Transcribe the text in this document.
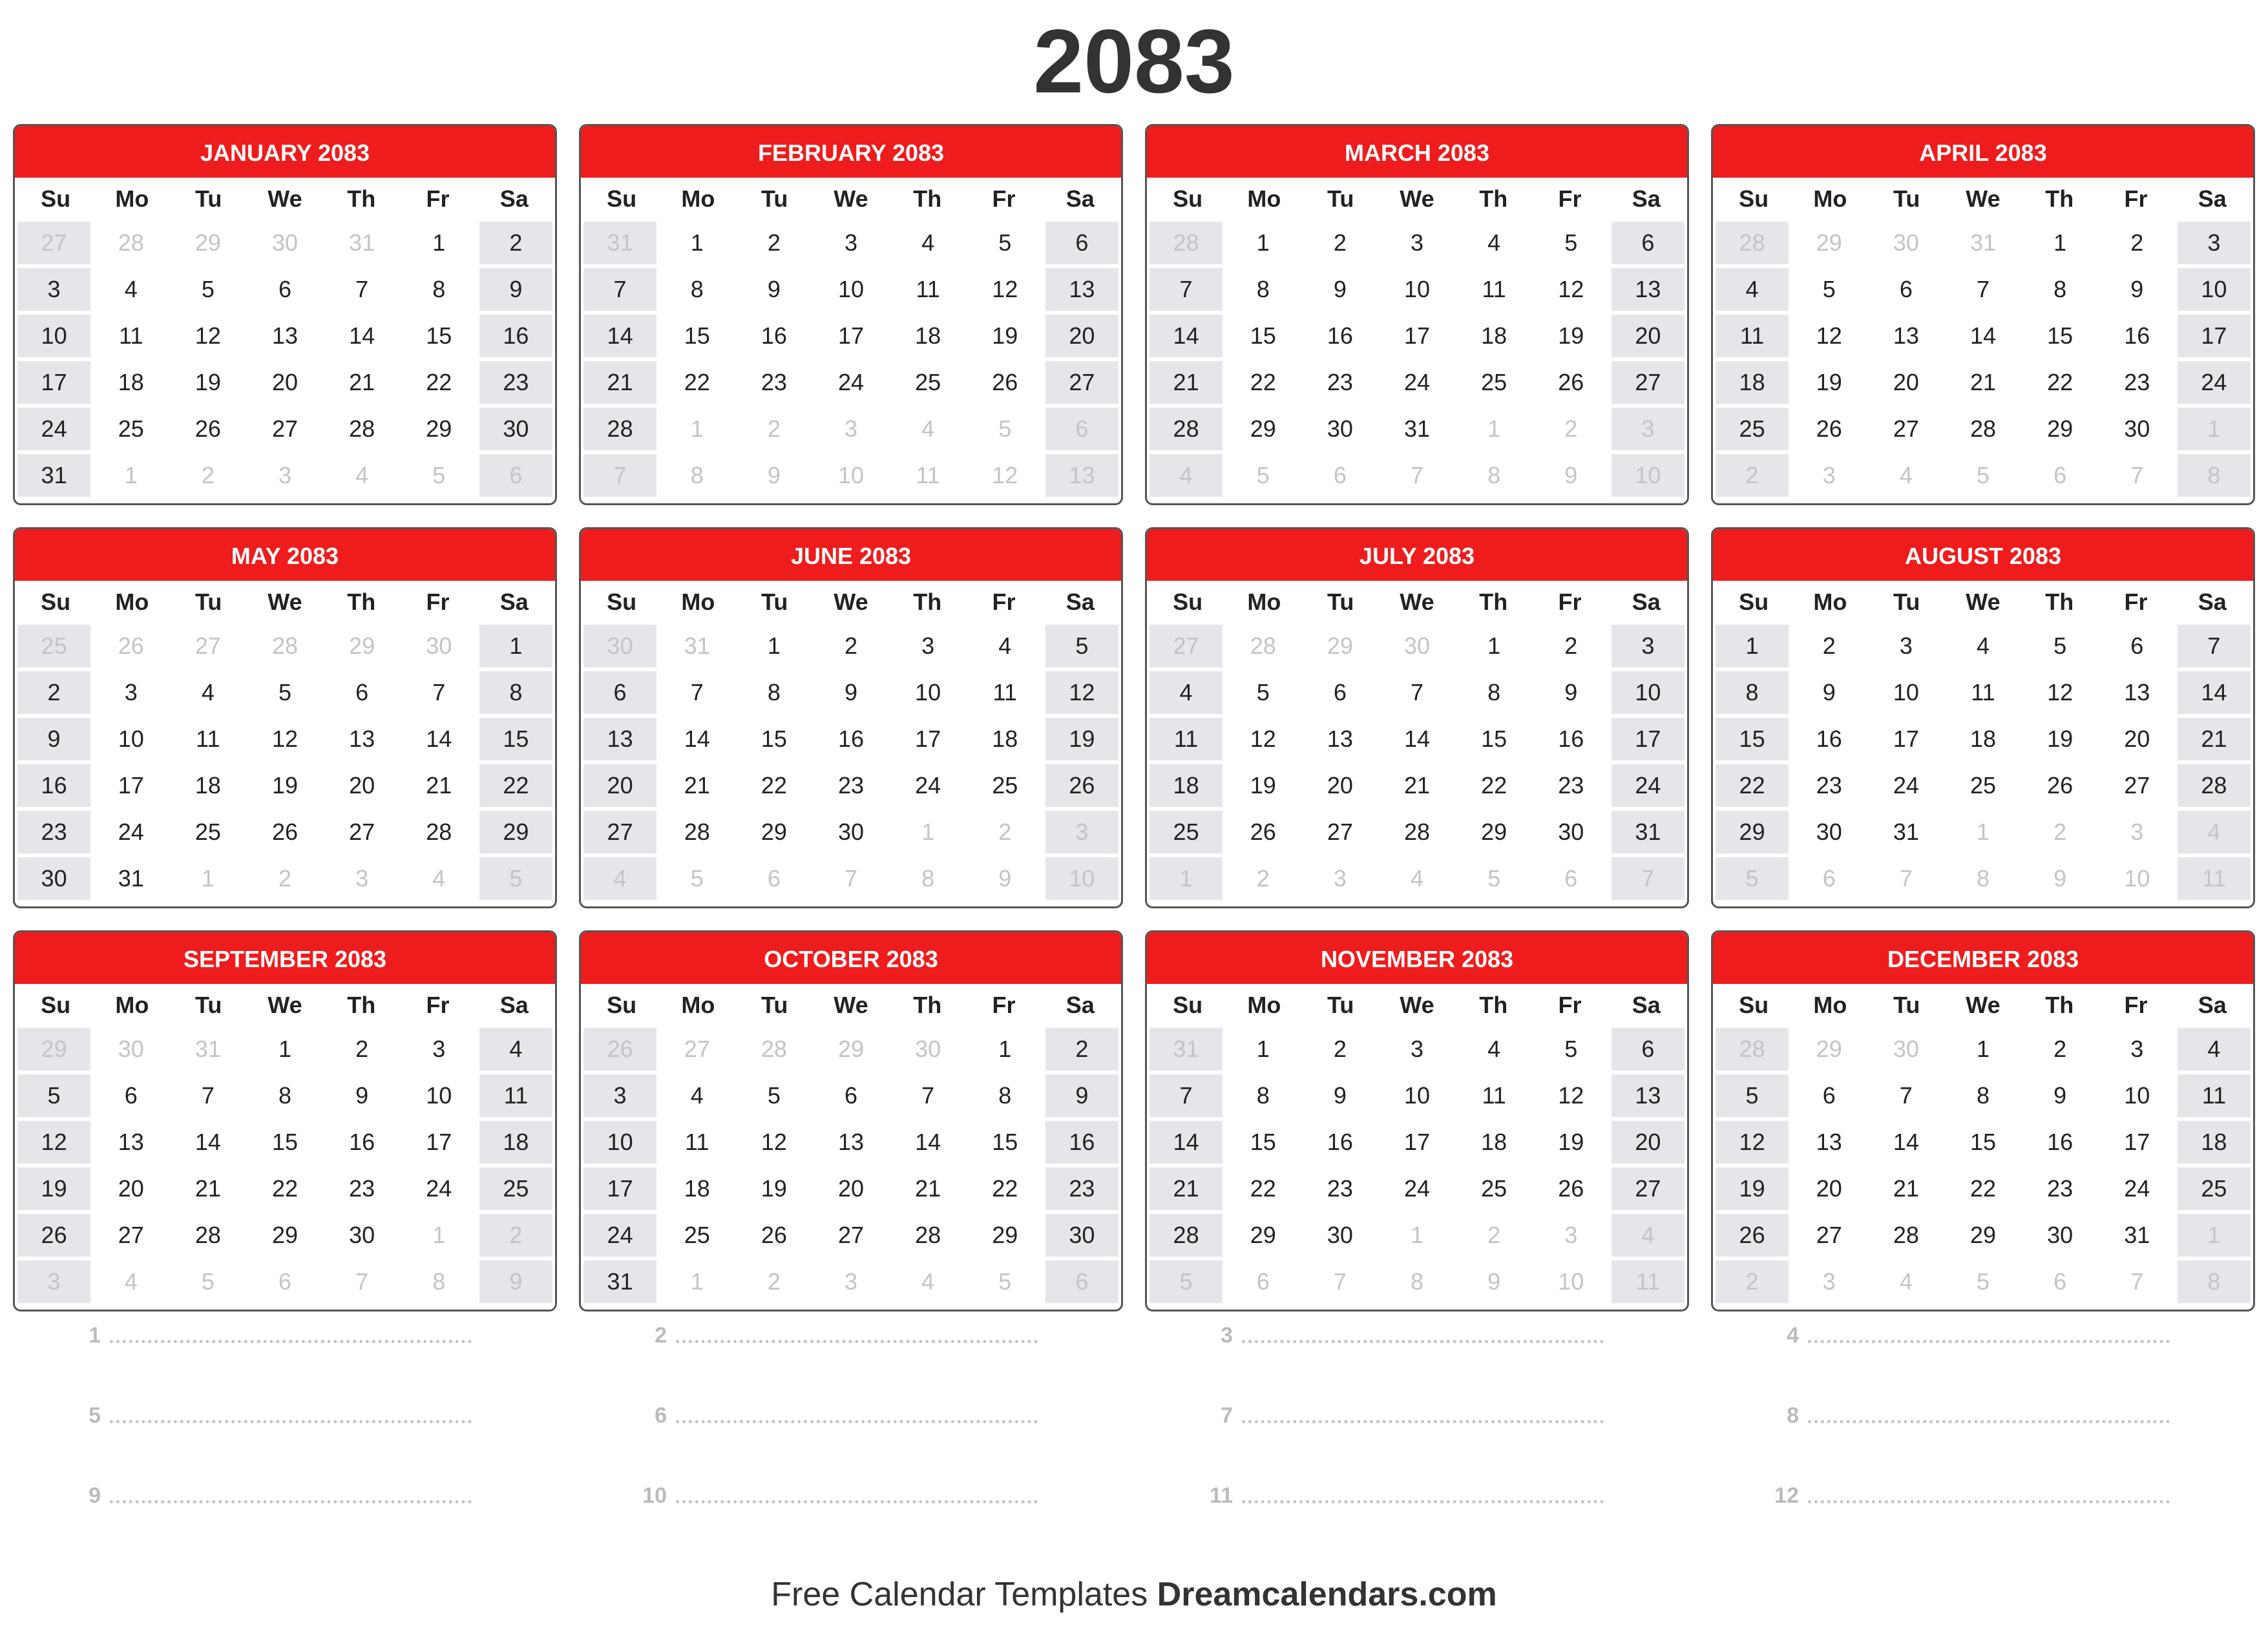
2083
JANUARY 2083
Su	Mo	Tu	We	Th	Fr	Sa
27	28	29	30	31	1	2
3	4	5	6	7	8	9
10	11	12	13	14	15	16
17	18	19	20	21	22	23
24	25	26	27	28	29	30
31	1	2	3	4	5	6
FEBRUARY 2083
Su	Mo	Tu	We	Th	Fr	Sa
31	1	2	3	4	5	6
7	8	9	10	11	12	13
14	15	16	17	18	19	20
21	22	23	24	25	26	27
28	1	2	3	4	5	6
7	8	9	10	11	12	13
MARCH 2083
Su	Mo	Tu	We	Th	Fr	Sa
28	1	2	3	4	5	6
7	8	9	10	11	12	13
14	15	16	17	18	19	20
21	22	23	24	25	26	27
28	29	30	31	1	2	3
4	5	6	7	8	9	10
APRIL 2083
Su	Mo	Tu	We	Th	Fr	Sa
28	29	30	31	1	2	3
4	5	6	7	8	9	10
11	12	13	14	15	16	17
18	19	20	21	22	23	24
25	26	27	28	29	30	1
2	3	4	5	6	7	8
MAY 2083
Su	Mo	Tu	We	Th	Fr	Sa
25	26	27	28	29	30	1
2	3	4	5	6	7	8
9	10	11	12	13	14	15
16	17	18	19	20	21	22
23	24	25	26	27	28	29
30	31	1	2	3	4	5
JUNE 2083
Su	Mo	Tu	We	Th	Fr	Sa
30	31	1	2	3	4	5
6	7	8	9	10	11	12
13	14	15	16	17	18	19
20	21	22	23	24	25	26
27	28	29	30	1	2	3
4	5	6	7	8	9	10
JULY 2083
Su	Mo	Tu	We	Th	Fr	Sa
27	28	29	30	1	2	3
4	5	6	7	8	9	10
11	12	13	14	15	16	17
18	19	20	21	22	23	24
25	26	27	28	29	30	31
1	2	3	4	5	6	7
AUGUST 2083
Su	Mo	Tu	We	Th	Fr	Sa
1	2	3	4	5	6	7
8	9	10	11	12	13	14
15	16	17	18	19	20	21
22	23	24	25	26	27	28
29	30	31	1	2	3	4
5	6	7	8	9	10	11
SEPTEMBER 2083
Su	Mo	Tu	We	Th	Fr	Sa
29	30	31	1	2	3	4
5	6	7	8	9	10	11
12	13	14	15	16	17	18
19	20	21	22	23	24	25
26	27	28	29	30	1	2
3	4	5	6	7	8	9
OCTOBER 2083
Su	Mo	Tu	We	Th	Fr	Sa
26	27	28	29	30	1	2
3	4	5	6	7	8	9
10	11	12	13	14	15	16
17	18	19	20	21	22	23
24	25	26	27	28	29	30
31	1	2	3	4	5	6
NOVEMBER 2083
Su	Mo	Tu	We	Th	Fr	Sa
31	1	2	3	4	5	6
7	8	9	10	11	12	13
14	15	16	17	18	19	20
21	22	23	24	25	26	27
28	29	30	1	2	3	4
5	6	7	8	9	10	11
DECEMBER 2083
Su	Mo	Tu	We	Th	Fr	Sa
28	29	30	1	2	3	4
5	6	7	8	9	10	11
12	13	14	15	16	17	18
19	20	21	22	23	24	25
26	27	28	29	30	31	1
2	3	4	5	6	7	8
1	2	3	4
5	6	7	8
9	10	11	12
Free Calendar Templates Dreamcalendars.com
